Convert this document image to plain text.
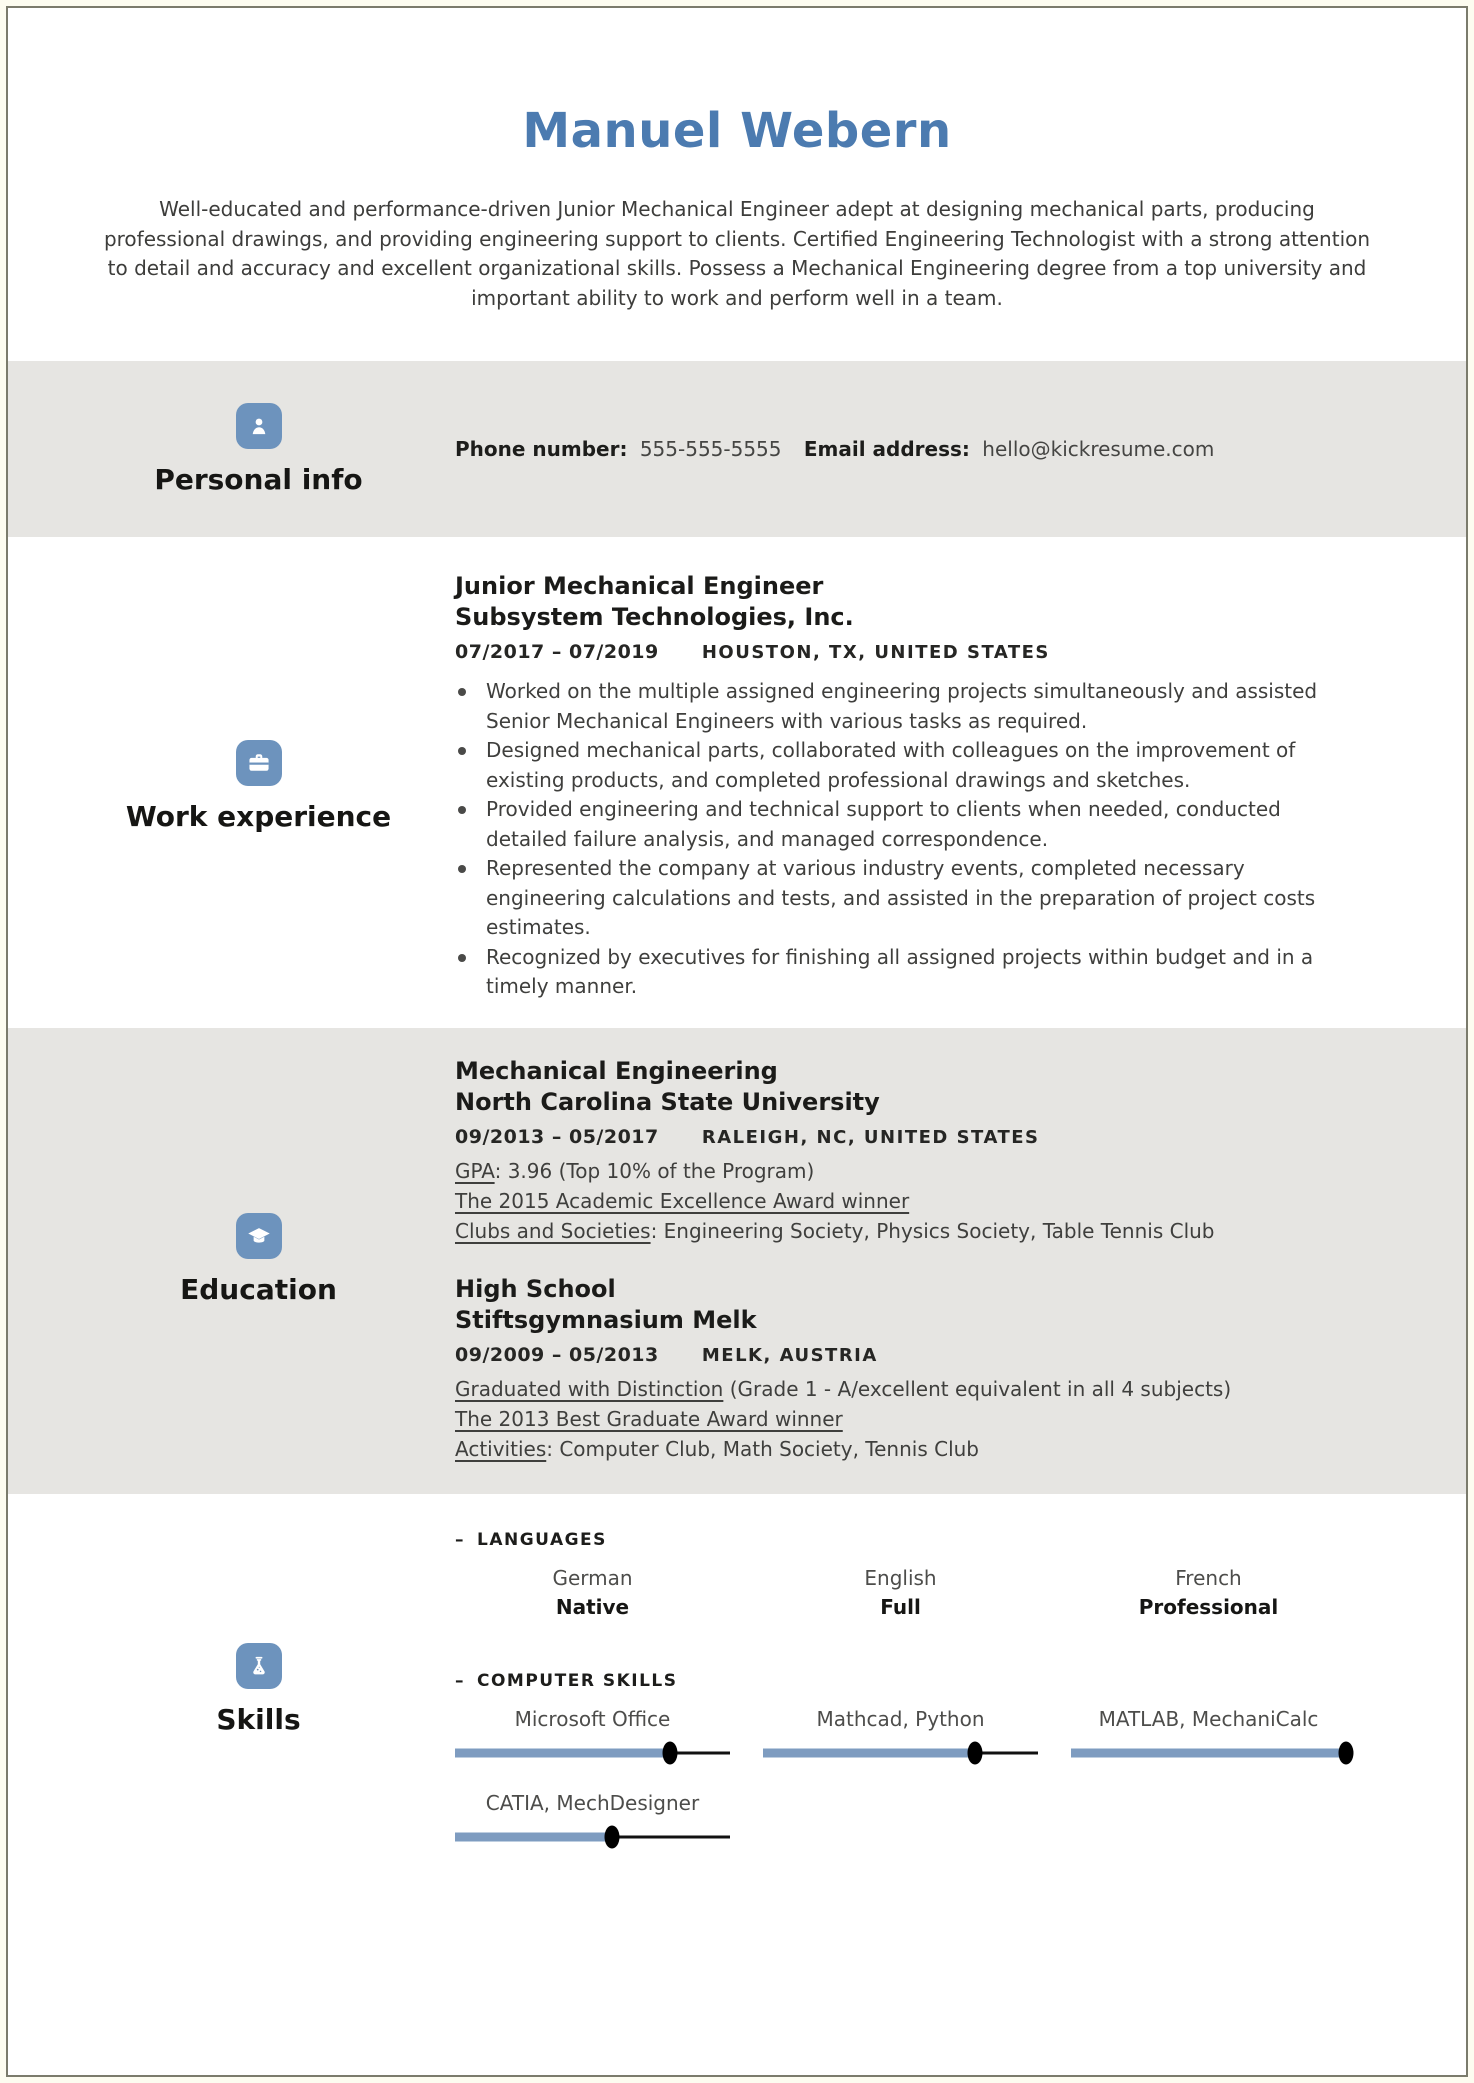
Manuel Webern

Well-educated and performance-driven Junior Mechanical Engineer adept at designing mechanical parts, producing professional drawings, and providing engineering support to clients. Certified Engineering Technologist with a strong attention to detail and accuracy and excellent organizational skills. Possess a Mechanical Engineering degree from a top university and important ability to work and perform well in a team.

Personal info

Phone number: 555-555-5555 Email address: hello@kickresume.com

Work experience
Junior Mechanical Engineer
Subsystem Technologies, Inc.
07/2017 – 07/2019 HOUSTON, TX, UNITED STATES
Worked on the multiple assigned engineering projects simultaneously and assisted Senior Mechanical Engineers with various tasks as required.
Designed mechanical parts, collaborated with colleagues on the improvement of existing products, and completed professional drawings and sketches.
Provided engineering and technical support to clients when needed, conducted detailed failure analysis, and managed correspondence.
Represented the company at various industry events, completed necessary engineering calculations and tests, and assisted in the preparation of project costs estimates.
Recognized by executives for finishing all assigned projects within budget and in a timely manner.
Education
Mechanical Engineering
North Carolina State University
09/2013 – 05/2017 RALEIGH, NC, UNITED STATES
GPA: 3.96 (Top 10% of the Program)
The 2015 Academic Excellence Award winner
Clubs and Societies: Engineering Society, Physics Society, Table Tennis Club
High School
Stiftsgymnasium Melk
09/2009 – 05/2013 MELK, AUSTRIA
Graduated with Distinction (Grade 1 - A/excellent equivalent in all 4 subjects)
The 2013 Best Graduate Award winner
Activities: Computer Club, Math Society, Tennis Club
Skills
– LANGUAGES
German
Native
English
Full
French
Professional
– COMPUTER SKILLS
Microsoft Office	Mathcad, Python	MATLAB, MechaniCalc
CATIA, MechDesigner
